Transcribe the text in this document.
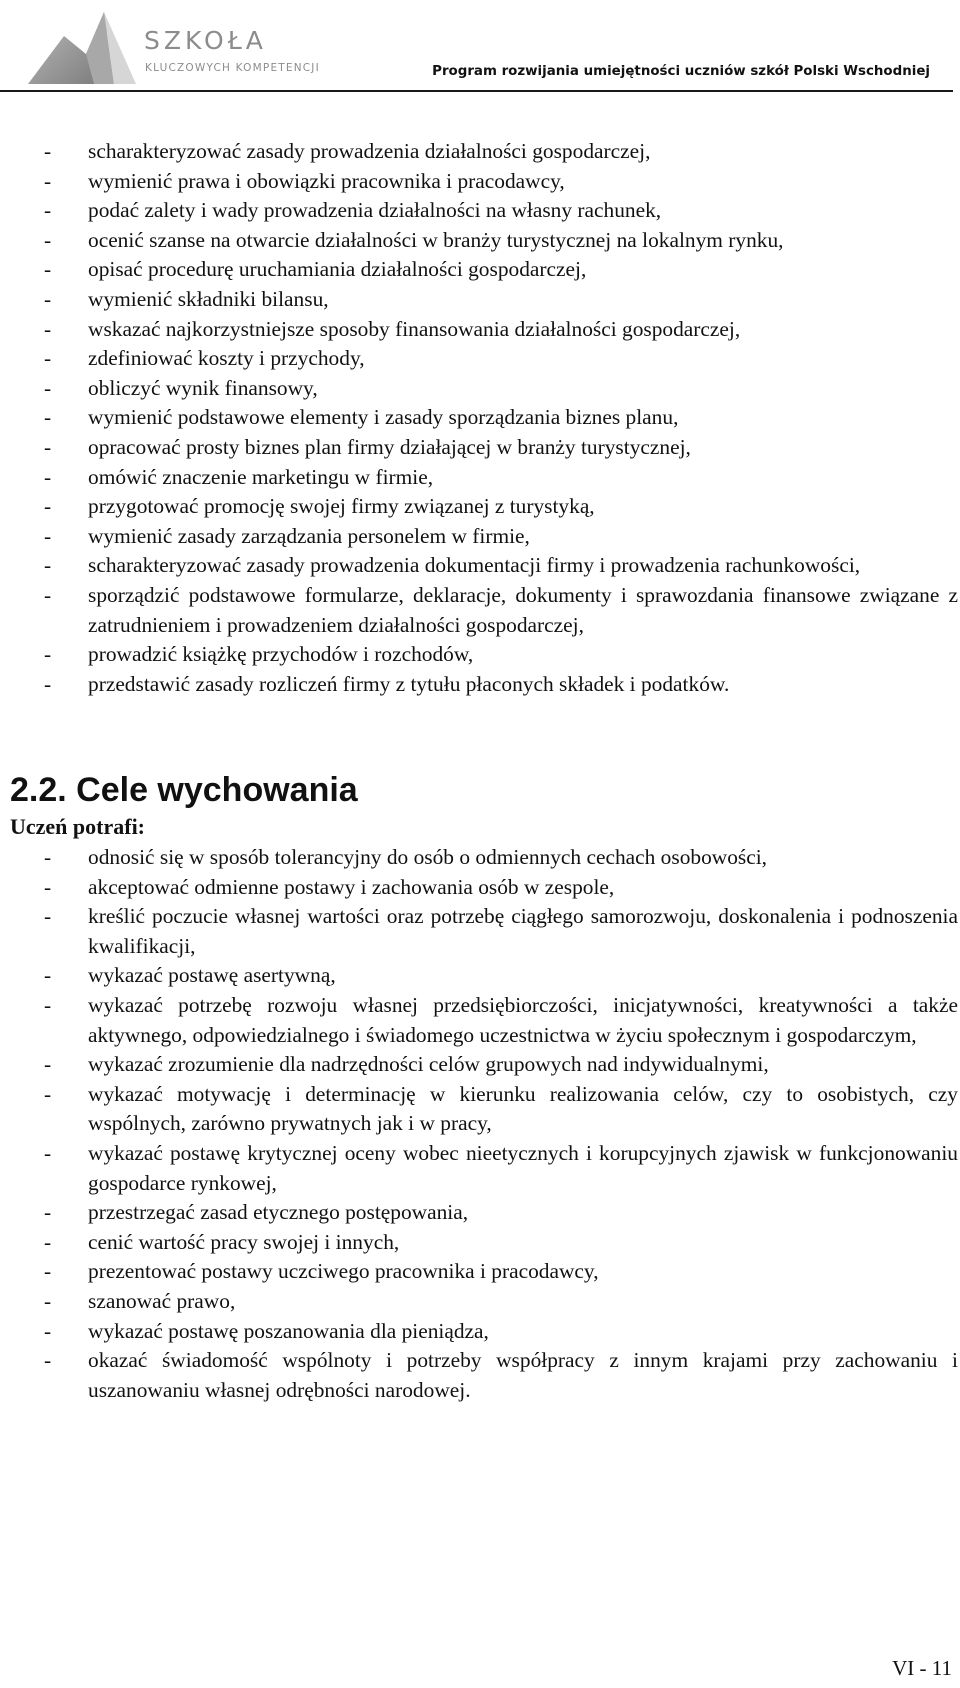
SZKOŁA
KLUCZOWYCH KOMPETENCJI	Program rozwijania umiejętności uczniów szkół Polski Wschodniej
- scharakteryzować zasady prowadzenia działalności gospodarczej,
- wymienić prawa i obowiązki pracownika i pracodawcy,
- podać zalety i wady prowadzenia działalności na własny rachunek,
- ocenić szanse na otwarcie działalności w branży turystycznej na lokalnym rynku,
- opisać procedurę uruchamiania działalności gospodarczej,
- wymienić składniki bilansu,
- wskazać najkorzystniejsze sposoby finansowania działalności gospodarczej,
- zdefiniować koszty i przychody,
- obliczyć wynik finansowy,
- wymienić podstawowe elementy i zasady sporządzania biznes planu,
- opracować prosty biznes plan firmy działającej w branży turystycznej,
- omówić znaczenie marketingu w firmie,
- przygotować promocję swojej firmy związanej z turystyką,
- wymienić zasady zarządzania personelem w firmie,
- scharakteryzować zasady prowadzenia dokumentacji firmy i prowadzenia rachunkowości,
- sporządzić podstawowe formularze, deklaracje, dokumenty i sprawozdania finansowe związane z zatrudnieniem i prowadzeniem działalności gospodarczej,
- prowadzić książkę przychodów i rozchodów,
- przedstawić zasady rozliczeń firmy z tytułu płaconych składek i podatków.
2.2. Cele wychowania
Uczeń potrafi:
- odnosić się w sposób tolerancyjny do osób o odmiennych cechach osobowości,
- akceptować odmienne postawy i zachowania osób w zespole,
- kreślić poczucie własnej wartości oraz potrzebę ciągłego samorozwoju, doskonalenia i podnoszenia kwalifikacji,
- wykazać postawę asertywną,
- wykazać potrzebę rozwoju własnej przedsiębiorczości, inicjatywności, kreatywności a także aktywnego, odpowiedzialnego i świadomego uczestnictwa w życiu społecznym i gospodarczym,
- wykazać zrozumienie dla nadrzędności celów grupowych nad indywidualnymi,
- wykazać motywację i determinację w kierunku realizowania celów, czy to osobistych, czy wspólnych, zarówno prywatnych jak i w pracy,
- wykazać postawę krytycznej oceny wobec nieetycznych i korupcyjnych zjawisk w funkcjonowaniu gospodarce rynkowej,
- przestrzegać zasad etycznego postępowania,
- cenić wartość pracy swojej i innych,
- prezentować postawy uczciwego pracownika i pracodawcy,
- szanować prawo,
- wykazać postawę poszanowania dla pieniądza,
- okazać świadomość wspólnoty i potrzeby współpracy z innym krajami przy zachowaniu i uszanowaniu własnej odrębności narodowej.
VI - 11
